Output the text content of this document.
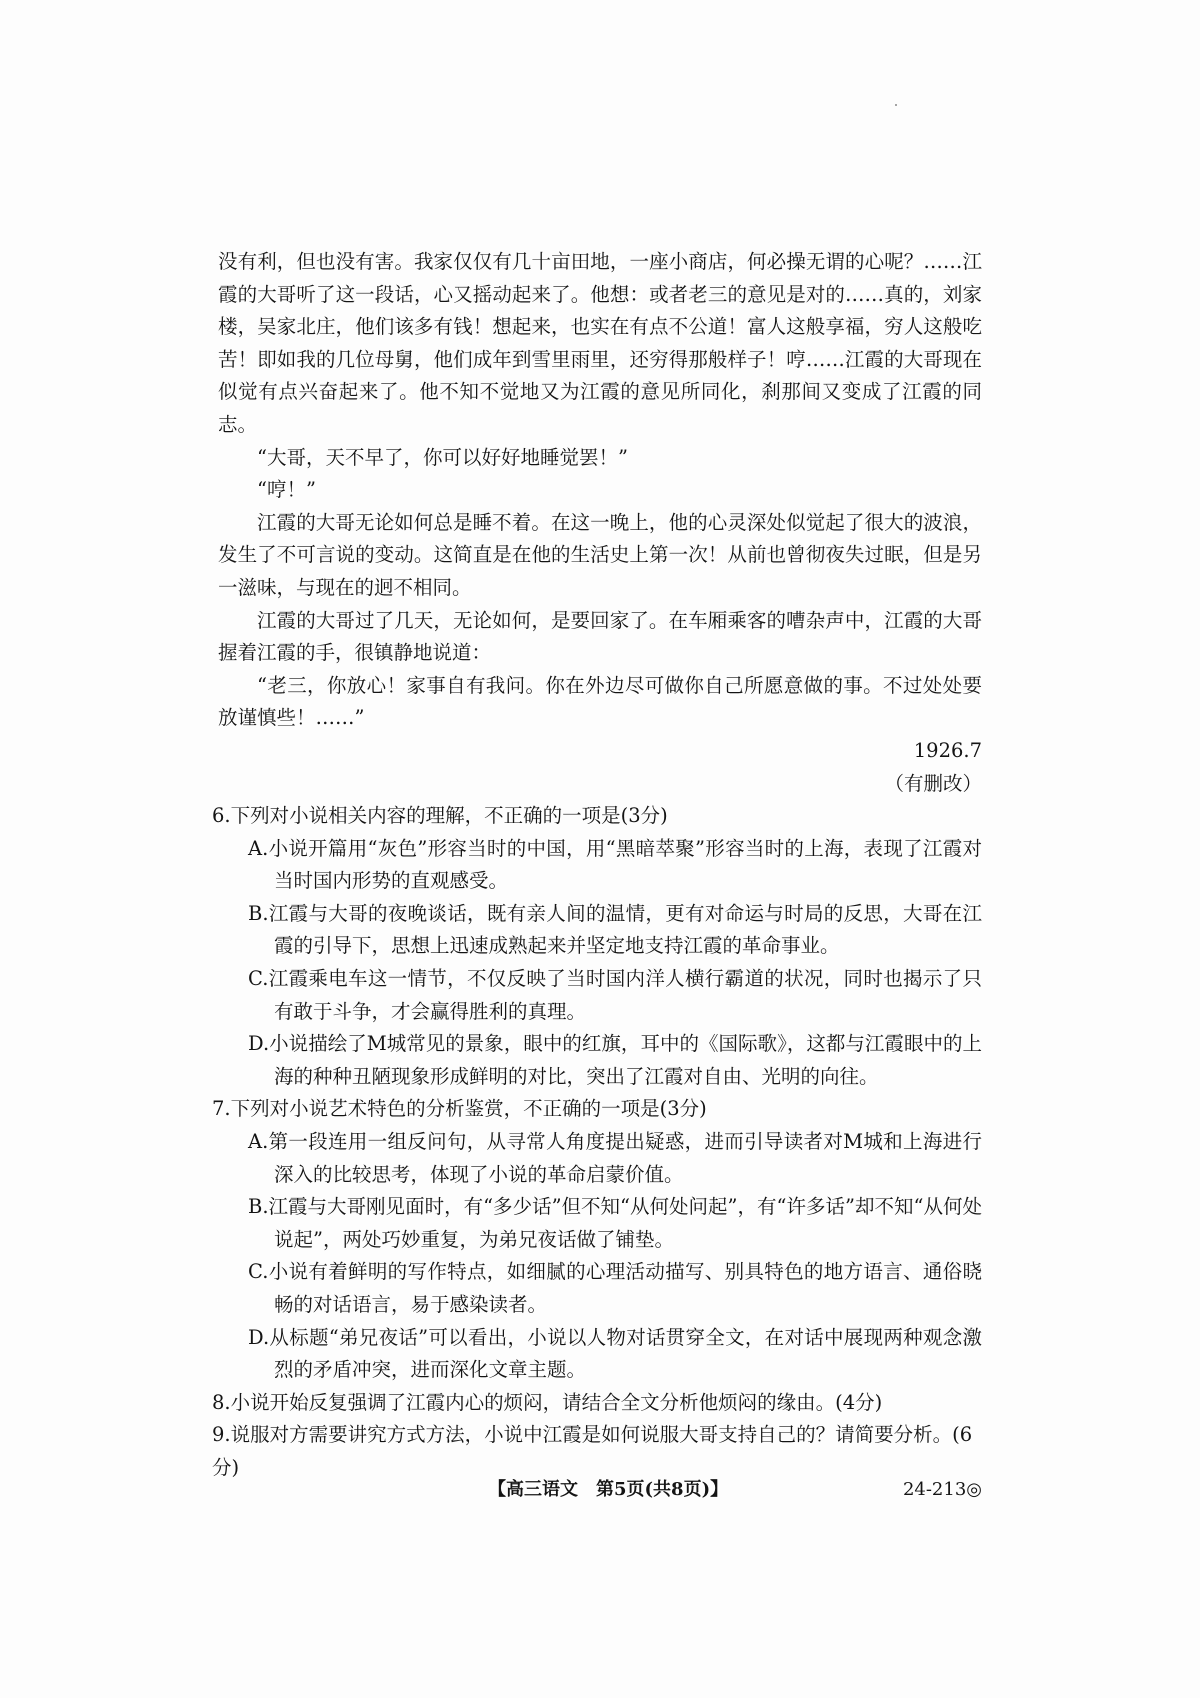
没有利，但也没有害。我家仅仅有几十亩田地，一座小商店，何必操无谓的心呢？……江霞的大哥听了这一段话，心又摇动起来了。他想：或者老三的意见是对的……真的，刘家楼，吴家北庄，他们该多有钱！想起来，也实在有点不公道！富人这般享福，穷人这般吃苦！即如我的几位母舅，他们成年到雪里雨里，还穷得那般样子！哼……江霞的大哥现在似觉有点兴奋起来了。他不知不觉地又为江霞的意见所同化，刹那间又变成了江霞的同志。

“大哥，天不早了，你可以好好地睡觉罢！”

“哼！”

江霞的大哥无论如何总是睡不着。在这一晚上，他的心灵深处似觉起了很大的波浪，发生了不可言说的变动。这简直是在他的生活史上第一次！从前也曾彻夜失过眠，但是另一滋味，与现在的迥不相同。

江霞的大哥过了几天，无论如何，是要回家了。在车厢乘客的嘈杂声中，江霞的大哥握着江霞的手，很镇静地说道：

“老三，你放心！家事自有我问。你在外边尽可做你自己所愿意做的事。不过处处要放谨慎些！……”

1926.7

（有删改）

6.下列对小说相关内容的理解，不正确的一项是(3分)

A.小说开篇用“灰色”形容当时的中国，用“黑暗萃聚”形容当时的上海，表现了江霞对当时国内形势的直观感受。

B.江霞与大哥的夜晚谈话，既有亲人间的温情，更有对命运与时局的反思，大哥在江霞的引导下，思想上迅速成熟起来并坚定地支持江霞的革命事业。

C.江霞乘电车这一情节，不仅反映了当时国内洋人横行霸道的状况，同时也揭示了只有敢于斗争，才会赢得胜利的真理。

D.小说描绘了M城常见的景象，眼中的红旗，耳中的《国际歌》，这都与江霞眼中的上海的种种丑陋现象形成鲜明的对比，突出了江霞对自由、光明的向往。

7.下列对小说艺术特色的分析鉴赏，不正确的一项是(3分)

A.第一段连用一组反问句，从寻常人角度提出疑惑，进而引导读者对M城和上海进行深入的比较思考，体现了小说的革命启蒙价值。

B.江霞与大哥刚见面时，有“多少话”但不知“从何处问起”，有“许多话”却不知“从何处说起”，两处巧妙重复，为弟兄夜话做了铺垫。

C.小说有着鲜明的写作特点，如细腻的心理活动描写、别具特色的地方语言、通俗晓畅的对话语言，易于感染读者。

D.从标题“弟兄夜话”可以看出，小说以人物对话贯穿全文，在对话中展现两种观念激烈的矛盾冲突，进而深化文章主题。

8.小说开始反复强调了江霞内心的烦闷，请结合全文分析他烦闷的缘由。(4分)

9.说服对方需要讲究方式方法，小说中江霞是如何说服大哥支持自己的？请简要分析。(6分)

【高三语文　第5页(共8页)】	24-213◎
